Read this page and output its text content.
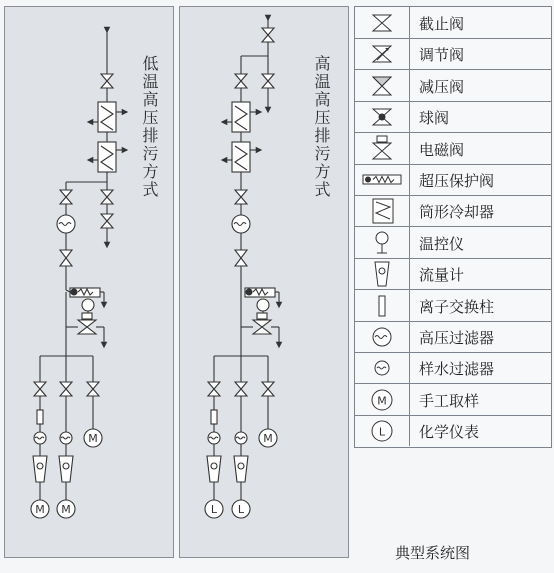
低温高压排污方式	高温高压排污方式
M
M M
M
L L
截止阀
调节阀
减压阀
球阀
电磁阀
超压保护阀
筒形冷却器
温控仪
流量计
离子交换柱
高压过滤器
样水过滤器
M 手工取样
L 化学仪表
典型系统图
